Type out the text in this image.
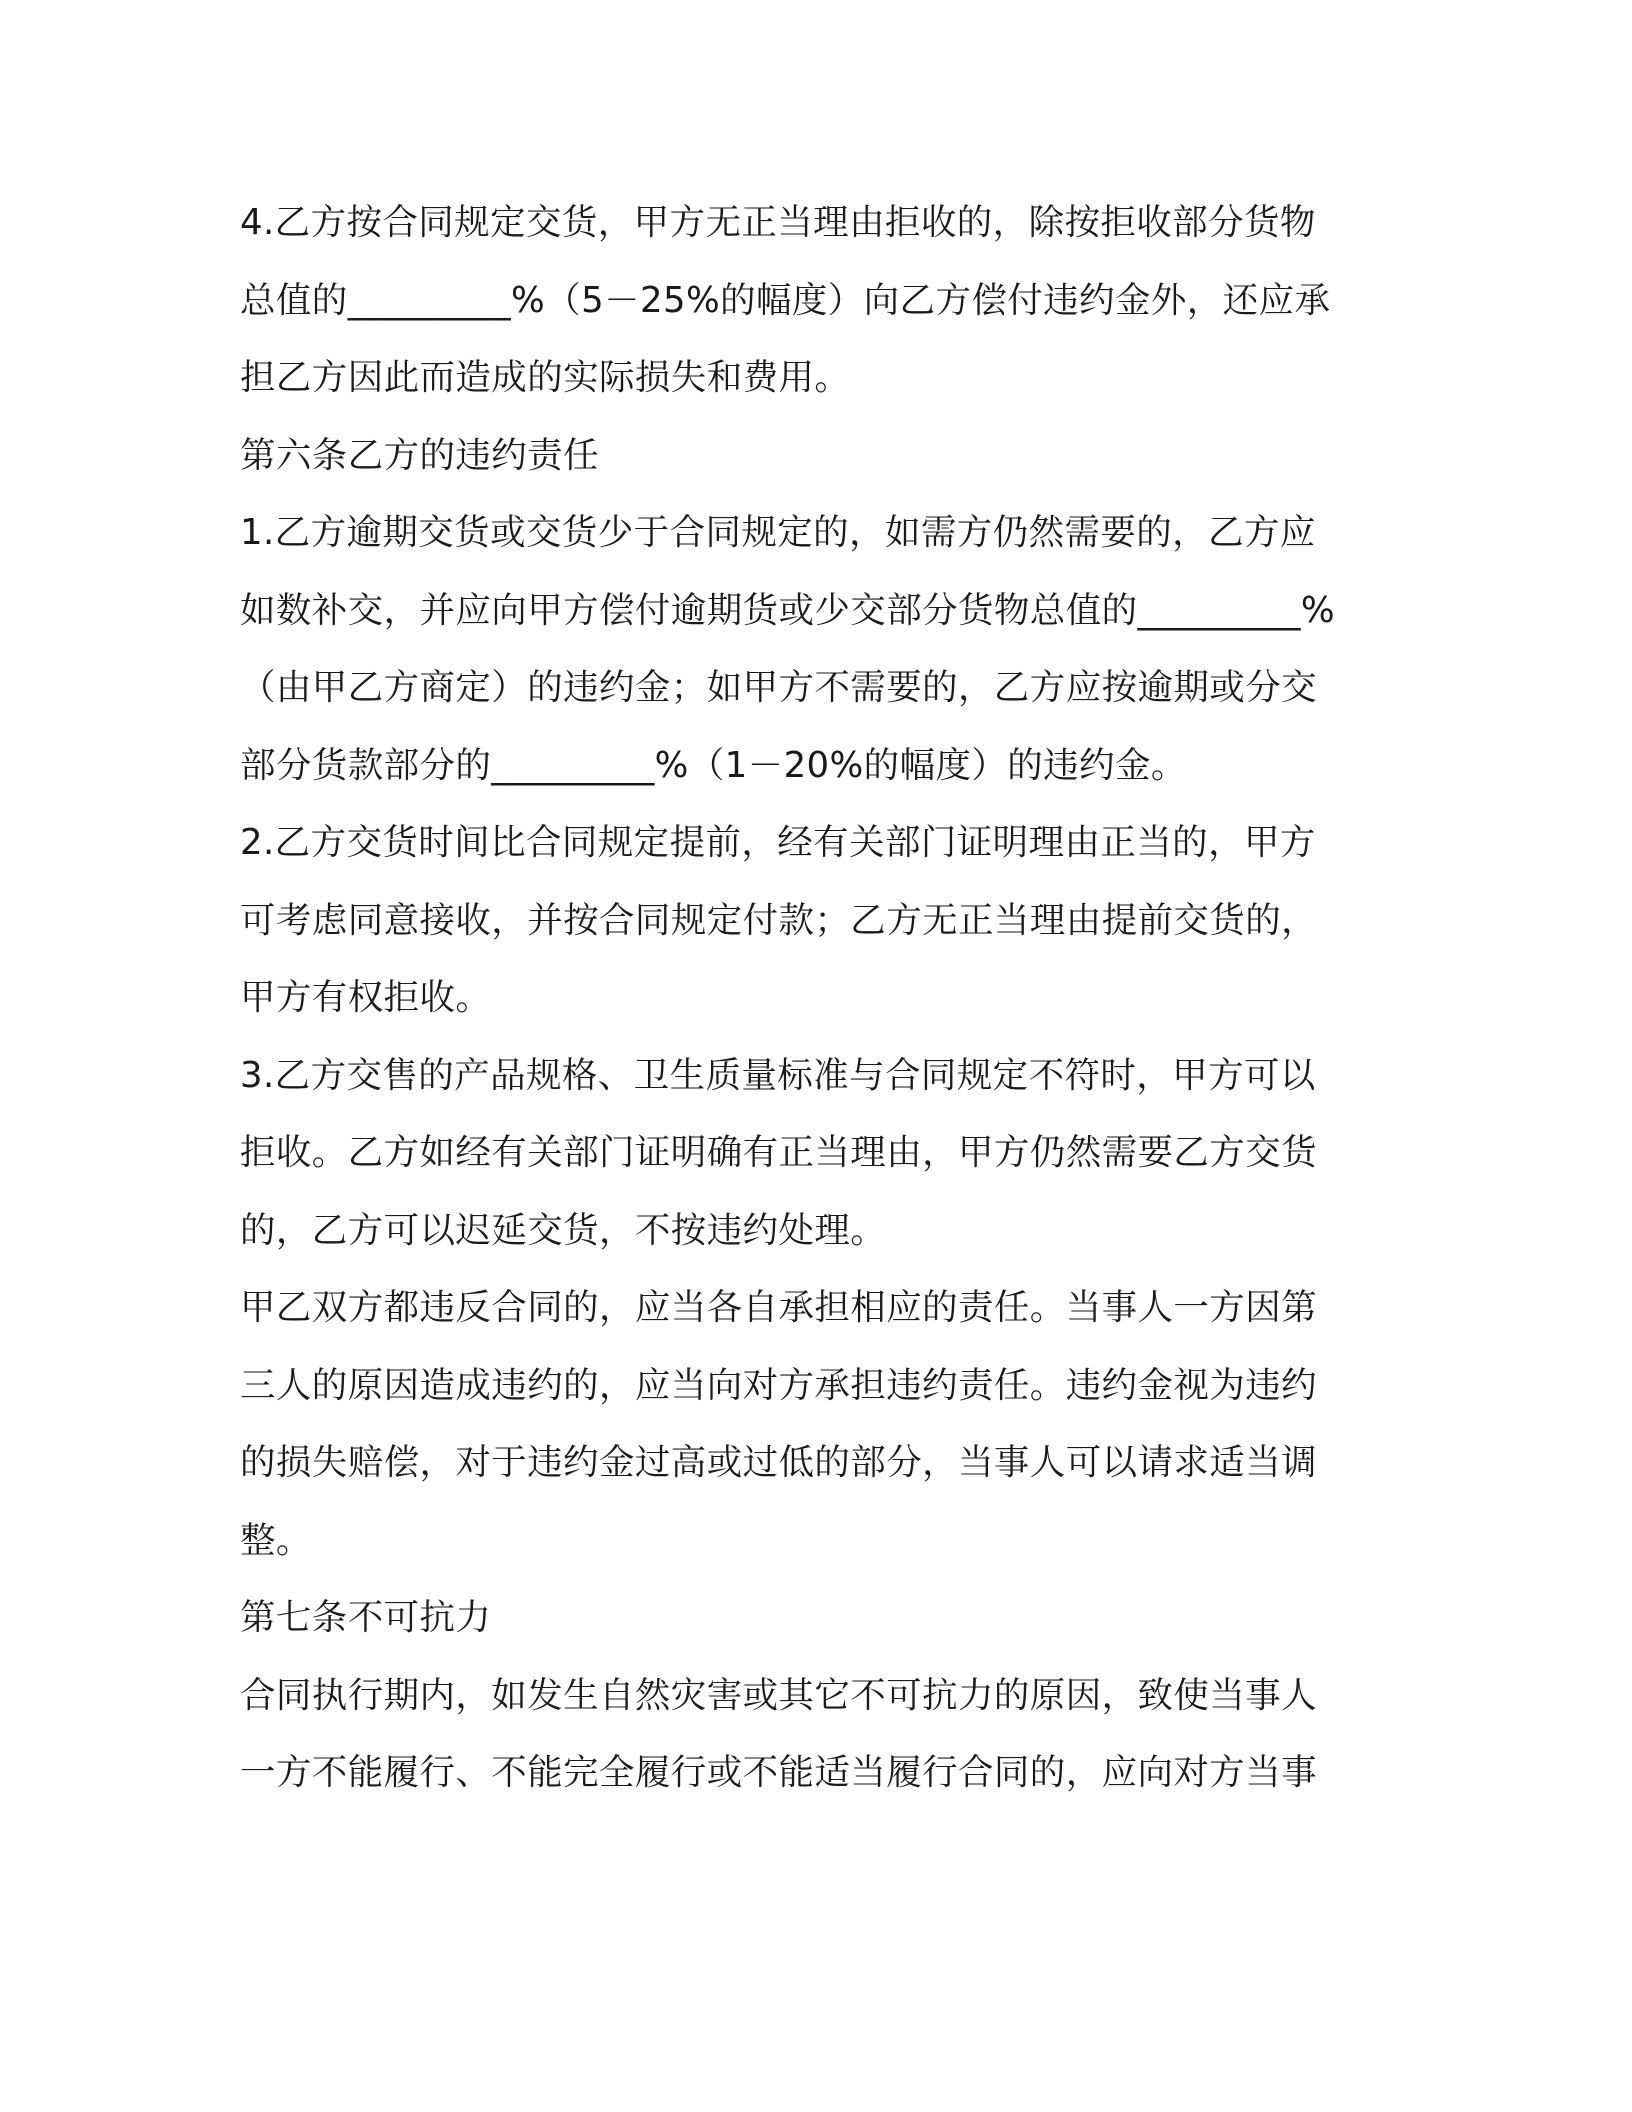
4.乙方按合同规定交货，甲方无正当理由拒收的，除按拒收部分货物
总值的_________%（5－25%的幅度）向乙方偿付违约金外，还应承
担乙方因此而造成的实际损失和费用。
第六条乙方的违约责任
1.乙方逾期交货或交货少于合同规定的，如需方仍然需要的，乙方应
如数补交，并应向甲方偿付逾期货或少交部分货物总值的_________%
（由甲乙方商定）的违约金；如甲方不需要的，乙方应按逾期或分交
部分货款部分的_________%（1－20%的幅度）的违约金。
2.乙方交货时间比合同规定提前，经有关部门证明理由正当的，甲方
可考虑同意接收，并按合同规定付款；乙方无正当理由提前交货的，
甲方有权拒收。
3.乙方交售的产品规格、卫生质量标准与合同规定不符时，甲方可以
拒收。乙方如经有关部门证明确有正当理由，甲方仍然需要乙方交货
的，乙方可以迟延交货，不按违约处理。
甲乙双方都违反合同的，应当各自承担相应的责任。当事人一方因第
三人的原因造成违约的，应当向对方承担违约责任。违约金视为违约
的损失赔偿，对于违约金过高或过低的部分，当事人可以请求适当调
整。
第七条不可抗力
合同执行期内，如发生自然灾害或其它不可抗力的原因，致使当事人
一方不能履行、不能完全履行或不能适当履行合同的，应向对方当事
